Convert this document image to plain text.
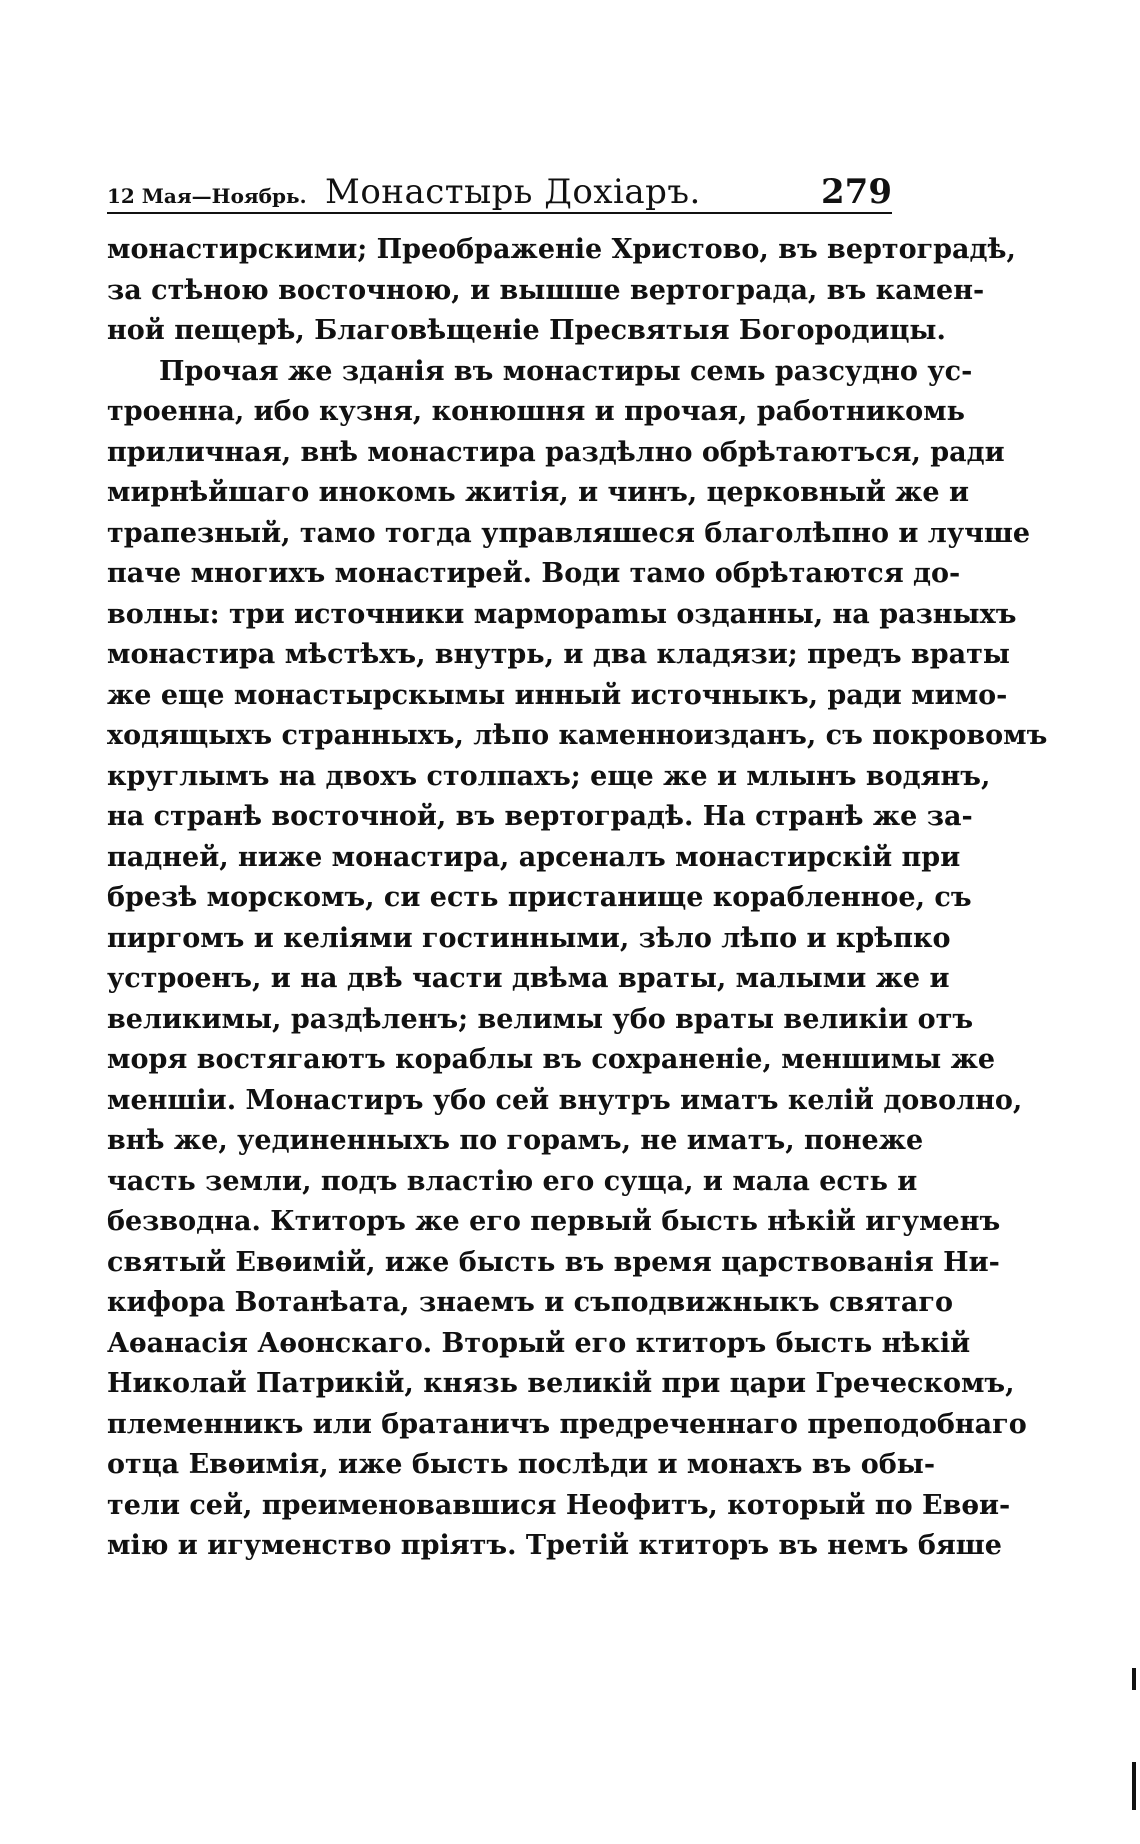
12 Мая—Ноябрь. Монастырь Дохіаръ.	279
монастирскими; Преображеніе Христово, въ вертоградѣ,
за стѣною восточною, и вышше вертограда, въ камен-
ной пещерѣ, Благовѣщеніе Пресвятыя Богородицы.
Прочая же зданія въ монастиры семь разсудно ус-
троенна, ибо кузня, конюшня и прочая, работникомь
приличная, внѣ монастира раздѣлно обрѣтаютъся, ради
мирнѣйшаго инокомь житія, и чинъ, церковный же и
трапезный, тамо тогда управляшеся благолѣпно и лучше
паче многихъ монастирей. Води тамо обрѣтаются до-
волны: три источники мармораmы озданны, на разныхъ
монастира мѣстѣхъ, внутрь, и два кладязи; предъ враты
же еще монастырскымы инный источныкъ, ради мимо-
ходящыхъ странныхъ, лѣпо каменноизданъ, съ покровомъ
круглымъ на двохъ столпахъ; еще же и млынъ водянъ,
на странѣ восточной, въ вертоградѣ. На странѣ же за-
падней, ниже монастира, арсеналъ монастирскій при
брезѣ морскомъ, си есть пристанище корабленное, съ
пиргомъ и келіями гостинными, зѣло лѣпо и крѣпко
устроенъ, и на двѣ части двѣма враты, малыми же и
великимы, раздѣленъ; велимы убо враты великіи отъ
моря востягаютъ кораблы въ сохраненіе, меншимы же
меншіи. Монастиръ убо сей внутръ иматъ келій доволно,
внѣ же, уединенныхъ по горамъ, не иматъ, понеже
часть земли, подъ властію его суща, и мала есть и
безводна. Ктиторъ же его первый бысть нѣкій игуменъ
святый Евѳимій, иже бысть въ время царствованія Ни-
кифора Вотанѣата, знаемъ и съподвижныкъ святаго
Аѳанасія Аѳонскаго. Вторый его ктиторъ бысть нѣкій
Николай Патрикій, князь великій при цари Греческомъ,
племенникъ или братаничъ предреченнаго преподобнаго
отца Евѳимія, иже бысть послѣди и монахъ въ обы-
тели сей, преименовавшися Неофитъ, который по Евѳи-
мію и игуменство пріятъ. Третій ктиторъ въ немъ бяше
